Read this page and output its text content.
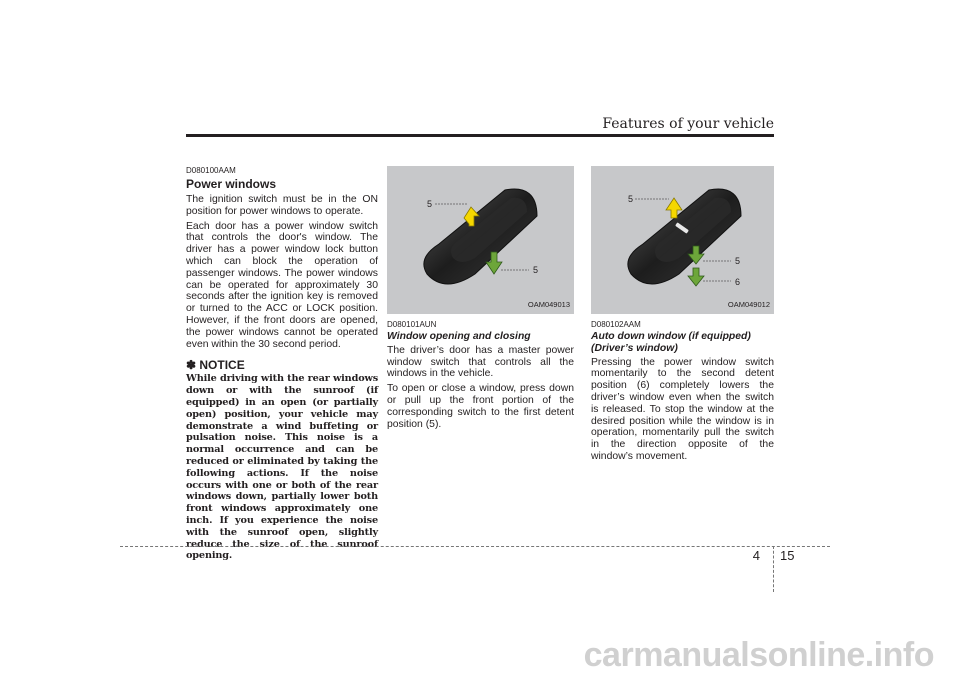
Features of your vehicle
D080100AAM
Power windows

The ignition switch must be in the ON position for power windows to operate.

Each door has a power window switch that controls the door's window. The driver has a power window lock button which can block the operation of passenger windows. The power windows can be operated for approximately 30 seconds after the ignition key is removed or turned to the ACC or LOCK position. However, if the front doors are opened, the power windows cannot be operated even within the 30 second period.

✽ NOTICE

While driving with the rear windows down or with the sunroof (if equipped) in an open (or partially open) position, your vehicle may demonstrate a wind buffeting or pulsation noise. This noise is a normal occurrence and can be reduced or eliminated by taking the following actions. If the noise occurs with one or both of the rear windows down, partially lower both front windows approximately one inch. If you experience the noise with the sunroof open, slightly reduce the size of the sunroof opening.

5
5
OAM049013
D080101AUN
Window opening and closing

The driver’s door has a master power window switch that controls all the windows in the vehicle.

To open or close a window, press down or pull up the front portion of the corresponding switch to the first detent position (5).

5
5
6
OAM049012
D080102AAM
Auto down window (if equipped)
(Driver’s window)

Pressing the power window switch momentarily to the second detent position (6) completely lowers the driver’s window even when the switch is released. To stop the window at the desired position while the window is in operation, momentarily pull the switch in the direction opposite of the window’s movement.

4 15
carmanualsonline.info
